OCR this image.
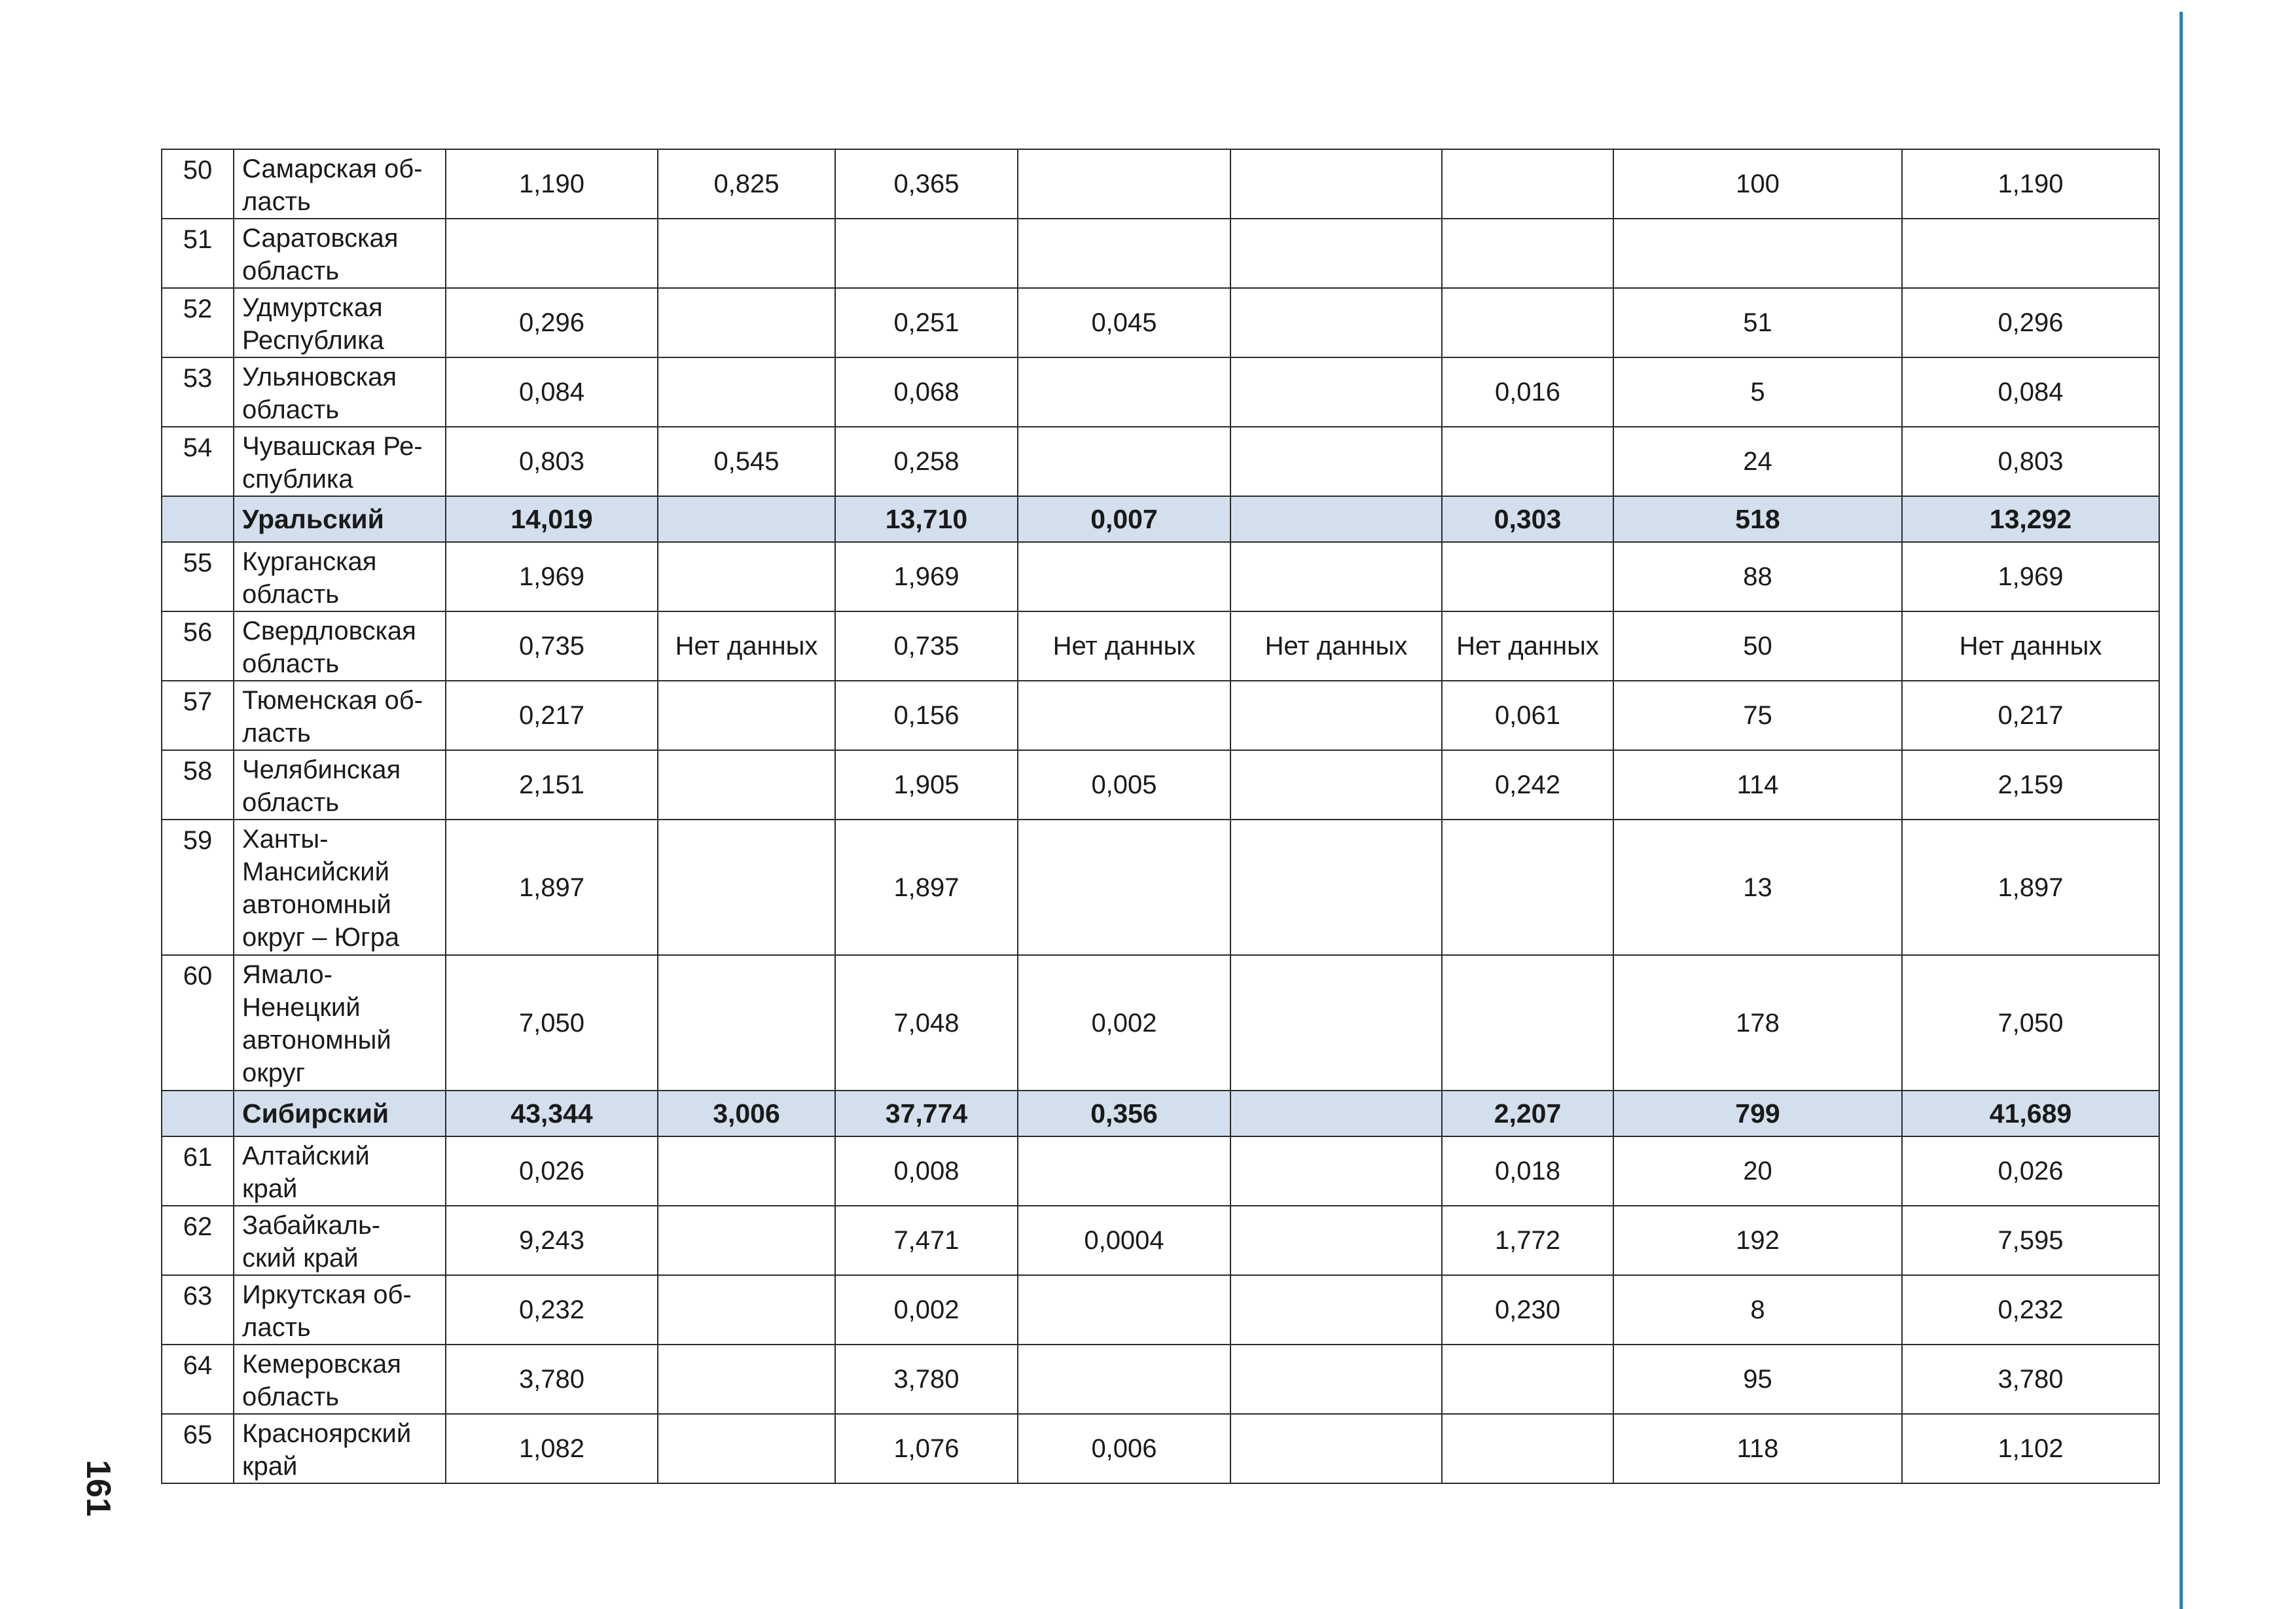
161
50	Самарская об-
ласть	1,190	0,825	0,365				100	1,190
51	Саратовская
область								
52	Удмуртская
Республика	0,296		0,251	0,045			51	0,296
53	Ульяновская
область	0,084		0,068			0,016	5	0,084
54	Чувашская Ре-
спублика	0,803	0,545	0,258				24	0,803
	Уральский	14,019		13,710	0,007		0,303	518	13,292
55	Курганская
область	1,969		1,969				88	1,969
56	Свердловская
область	0,735	Нет данных	0,735	Нет данных	Нет данных	Нет данных	50	Нет данных
57	Тюменская об-
ласть	0,217		0,156			0,061	75	0,217
58	Челябинская
область	2,151		1,905	0,005		0,242	114	2,159
59	Ханты-
Мансийский
автономный
округ – Югра	1,897		1,897				13	1,897
60	Ямало-
Ненецкий
автономный
округ	7,050		7,048	0,002			178	7,050
	Сибирский	43,344	3,006	37,774	0,356		2,207	799	41,689
61	Алтайский
край	0,026		0,008			0,018	20	0,026
62	Забайкаль-
ский край	9,243		7,471	0,0004		1,772	192	7,595
63	Иркутская об-
ласть	0,232		0,002			0,230	8	0,232
64	Кемеровская
область	3,780		3,780				95	3,780
65	Красноярский
край	1,082		1,076	0,006			118	1,102
